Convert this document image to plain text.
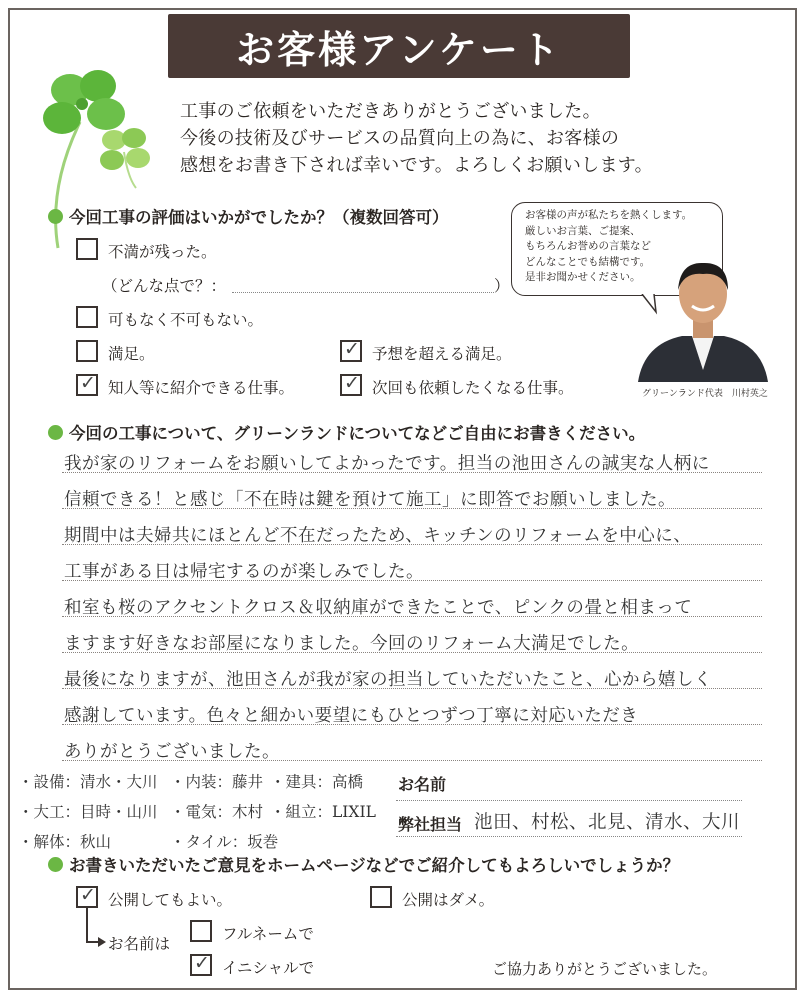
お客様アンケート
工事のご依頼をいただきありがとうございました。
今後の技術及びサービスの品質向上の為に、お客様の
感想をお書き下されば幸いです。よろしくお願いします。
今回工事の評価はいかがでしたか？（複数回答可）
不満が残った。
（どんな点で？：	）
可もなく不可もない。
満足。	✓ 予想を超える満足。
✓ 知人等に紹介できる仕事。	✓ 次回も依頼したくなる仕事。
お客様の声が私たちを熱くします。
厳しいお言葉、ご提案、
もちろんお誉めの言葉など
どんなことでも結構です。
是非お聞かせください。
グリーンランド代表　川村英之
今回の工事について、グリーンランドについてなどご自由にお書きください。
我が家のリフォームをお願いしてよかったです。担当の池田さんの誠実な人柄に
信頼できる！と感じ「不在時は鍵を預けて施工」に即答でお願いしました。
期間中は夫婦共にほとんど不在だったため、キッチンのリフォームを中心に、
工事がある日は帰宅するのが楽しみでした。
和室も桜のアクセントクロス＆収納庫ができたことで、ピンクの畳と相まって
ますます好きなお部屋になりました。今回のリフォーム大満足でした。
最後になりますが、池田さんが我が家の担当していただいたこと、心から嬉しく
感謝しています。色々と細かい要望にもひとつずつ丁寧に対応いただき
ありがとうございました。
・設備：清水・大川 ・内装：藤井 ・建具：高橋
・大工：目時・山川 ・電気：木村 ・組立：LIXIL
・解体：秋山	・タイル：坂巻
お名前
弊社担当 池田、村松、北見、清水、大川
お書きいただいたご意見をホームページなどでご紹介してもよろしいでしょうか？
✓ 公開してもよい。	公開はダメ。
お名前は
フルネームで
✓ イニシャルで	ご協力ありがとうございました。
